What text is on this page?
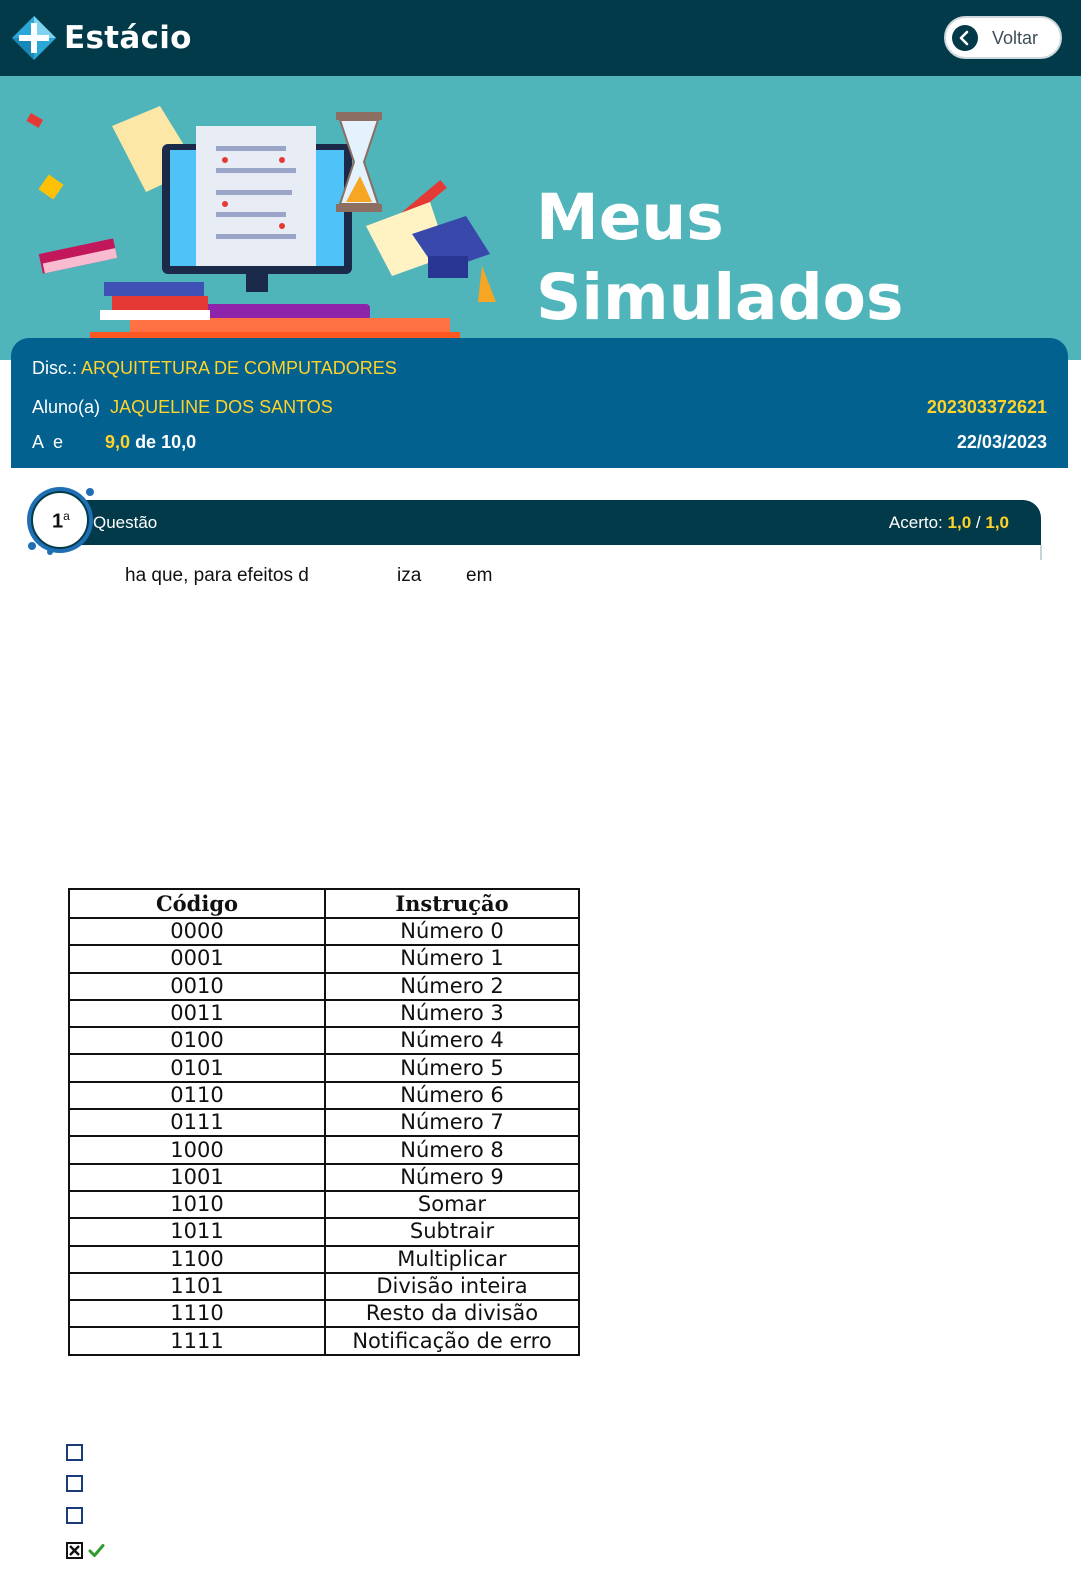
Estácio	Voltar
Meus
Simulados
Disc.: ARQUITETURA DE COMPUTADORES
Aluno(a) JAQUELINE DOS SANTOS	202303372621
A  e 9,0 de 10,0	22/03/2023
Questão	Acerto: 1,0 / 1,0
1$^a$
ha que, para efeitos d	iza em
Código	Instrução
0000	Número 0
0001	Número 1
0010	Número 2
0011	Número 3
0100	Número 4
0101	Número 5
0110	Número 6
0111	Número 7
1000	Número 8
1001	Número 9
1010	Somar
1011	Subtrair
1100	Multiplicar
1101	Divisão inteira
1110	Resto da divisão
1111	Notificação de erro
